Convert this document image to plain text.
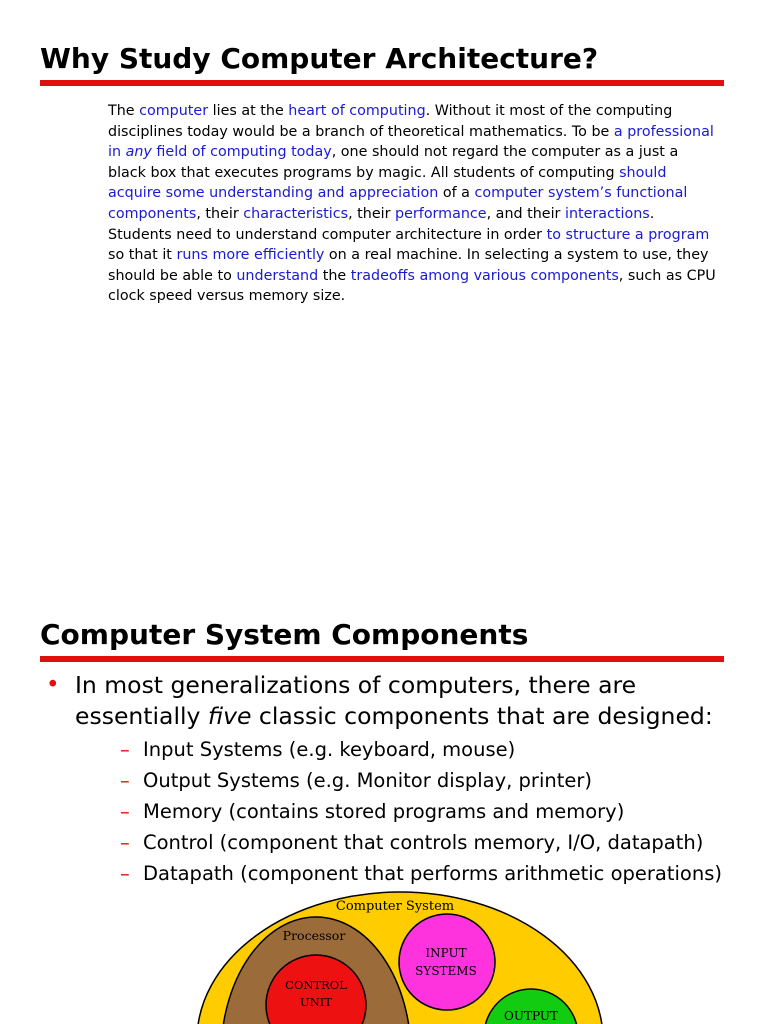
Why Study Computer Architecture?

The computer lies at the heart of computing. Without it most of the computing disciplines today would be a branch of theoretical mathematics. To be a professional in any field of computing today, one should not regard the computer as a just a black box that executes programs by magic. All students of computing should acquire some understanding and appreciation of a computer system’s functional components, their characteristics, their performance, and their interactions. Students need to understand computer architecture in order to structure a program so that it runs more efficiently on a real machine. In selecting a system to use, they should be able to understand the tradeoffs among various components, such as CPU clock speed versus memory size.

Computer System Components
• In most generalizations of computers, there are
essentially five classic components that are designed:
– Input Systems (e.g. keyboard, mouse)
– Output Systems (e.g. Monitor display, printer)
– Memory (contains stored programs and memory)
– Control (component that controls memory, I/O, datapath)
– Datapath (component that performs arithmetic operations)
Computer System
Processor
CONTROL
UNIT
INPUT
SYSTEMS
OUTPUT
